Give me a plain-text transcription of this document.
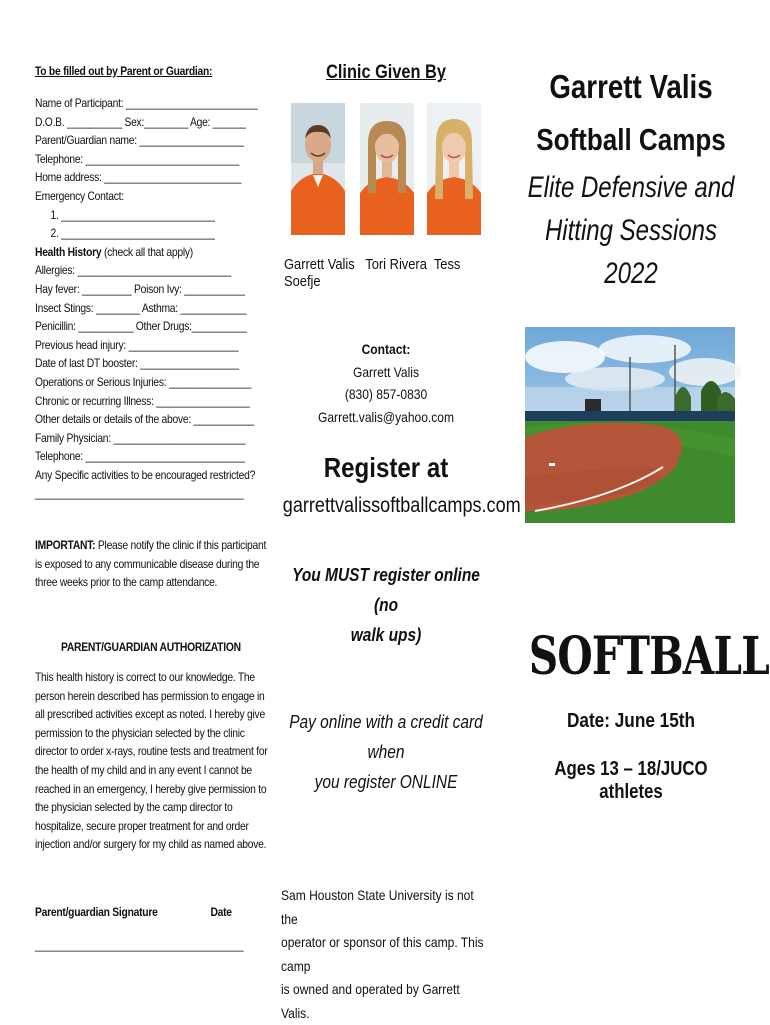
To be filled out by Parent or Guardian:
Name of Participant: ________________________
D.O.B. __________ Sex:________ Age: ______
Parent/Guardian name: ___________________
Telephone: ____________________________
Home address: _________________________
Emergency Contact:
1. ____________________________
2. ____________________________
Health History (check all that apply)
Allergies: ____________________________
Hay fever: _________ Poison Ivy: ___________
Insect Stings: ________ Asthma: ____________
Penicillin: __________ Other Drugs:__________
Previous head injury: ____________________
Date of last DT booster: __________________
Operations or Serious Injuries: _______________
Chronic or recurring Illness: _________________
Other details or details of the above: ___________
Family Physician: ________________________
Telephone: _____________________________
Any Specific activities to be encouraged restricted?
______________________________________
IMPORTANT: Please notify the clinic if this participant
is exposed to any communicable disease during the
three weeks prior to the camp attendance.
PARENT/GUARDIAN AUTHORIZATION
This health history is correct to our knowledge. The
person herein described has permission to engage in
all prescribed activities except as noted. I hereby give
permission to the physician selected by the clinic
director to order x-rays, routine tests and treatment for
the health of my child and in any event I cannot be
reached in an emergency, I hereby give permission to
the physician selected by the camp director to
hospitalize, secure proper treatment for and order
injection and/or surgery for my child as named above.
Parent/guardian Signature	Date
______________________________________
Clinic Given By
Garrett Valis Tori Rivera Tess Soefje
Contact:
Garrett Valis
(830) 857-0830
Garrett.valis@yahoo.com
Register at
garrettvalissoftballcamps.com
You MUST register online (no
walk ups)
Pay online with a credit card when
you register ONLINE
Sam Houston State University is not the
operator or sponsor of this camp. This camp
is owned and operated by Garrett Valis.
Garrett Valis
Softball Camps
Elite Defensive and
Hitting Sessions 2022
SOFTBALL
Date: June 15th
Ages 13 – 18/JUCO athletes
